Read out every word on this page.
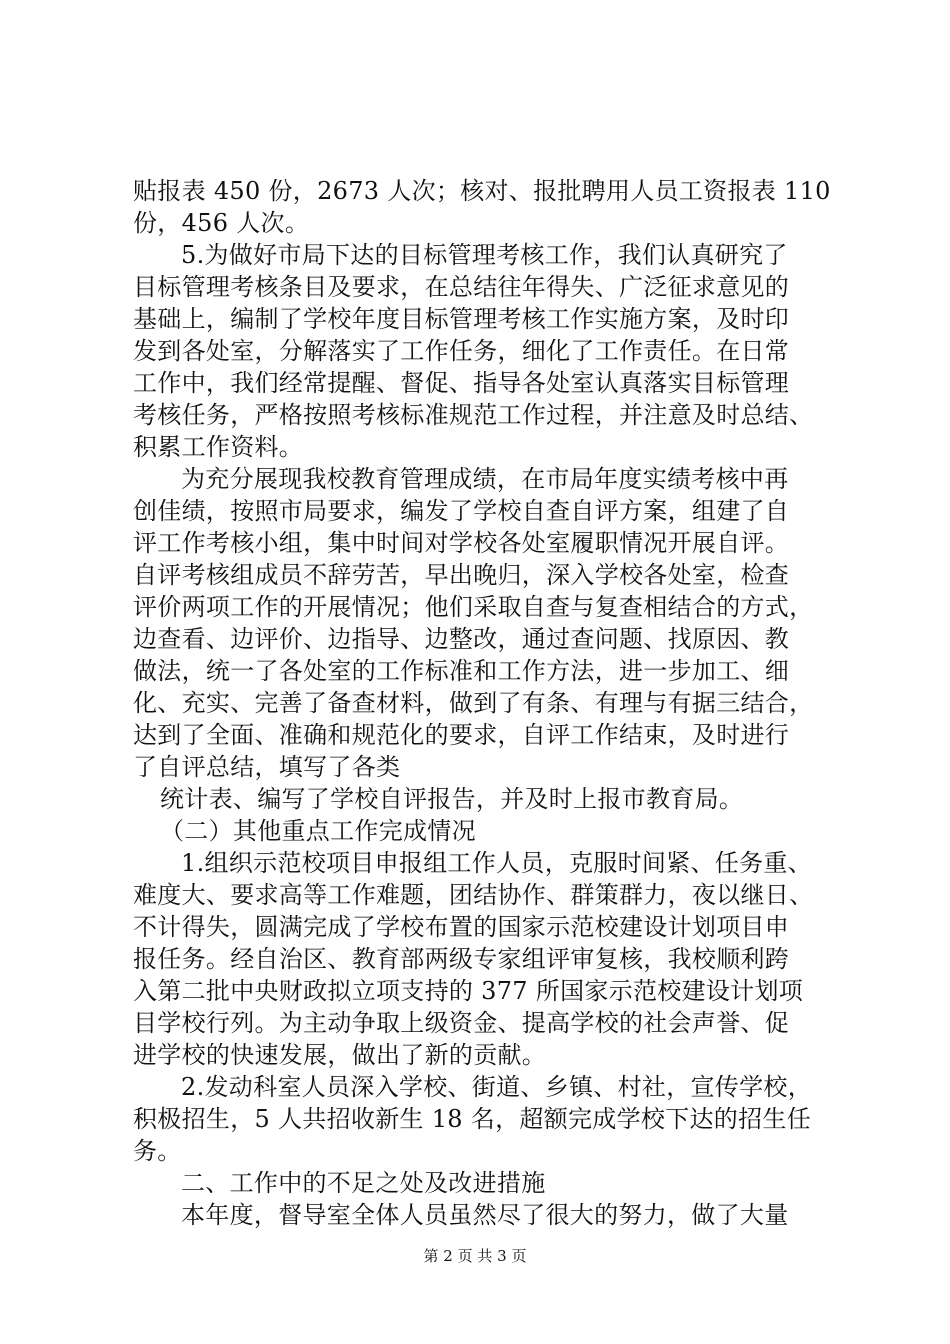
贴报表 450 份，2673 人次；核对、报批聘用人员工资报表 110
份，456 人次。
5.为做好市局下达的目标管理考核工作，我们认真研究了
目标管理考核条目及要求，在总结往年得失、广泛征求意见的
基础上，编制了学校年度目标管理考核工作实施方案，及时印
发到各处室，分解落实了工作任务，细化了工作责任。在日常
工作中，我们经常提醒、督促、指导各处室认真落实目标管理
考核任务，严格按照考核标准规范工作过程，并注意及时总结、
积累工作资料。
为充分展现我校教育管理成绩，在市局年度实绩考核中再
创佳绩，按照市局要求，编发了学校自查自评方案，组建了自
评工作考核小组，集中时间对学校各处室履职情况开展自评。
自评考核组成员不辞劳苦，早出晚归，深入学校各处室，检查
评价两项工作的开展情况；他们采取自查与复查相结合的方式，
边查看、边评价、边指导、边整改，通过查问题、找原因、教
做法，统一了各处室的工作标准和工作方法，进一步加工、细
化、充实、完善了备查材料，做到了有条、有理与有据三结合，
达到了全面、准确和规范化的要求，自评工作结束，及时进行
了自评总结，填写了各类
统计表、编写了学校自评报告，并及时上报市教育局。
（二）其他重点工作完成情况
1.组织示范校项目申报组工作人员，克服时间紧、任务重、
难度大、要求高等工作难题，团结协作、群策群力，夜以继日、
不计得失，圆满完成了学校布置的国家示范校建设计划项目申
报任务。经自治区、教育部两级专家组评审复核，我校顺利跨
入第二批中央财政拟立项支持的 377 所国家示范校建设计划项
目学校行列。为主动争取上级资金、提高学校的社会声誉、促
进学校的快速发展，做出了新的贡献。
2.发动科室人员深入学校、街道、乡镇、村社，宣传学校，
积极招生，5 人共招收新生 18 名，超额完成学校下达的招生任
务。
二、工作中的不足之处及改进措施
本年度，督导室全体人员虽然尽了很大的努力，做了大量
第 2 页 共 3 页
